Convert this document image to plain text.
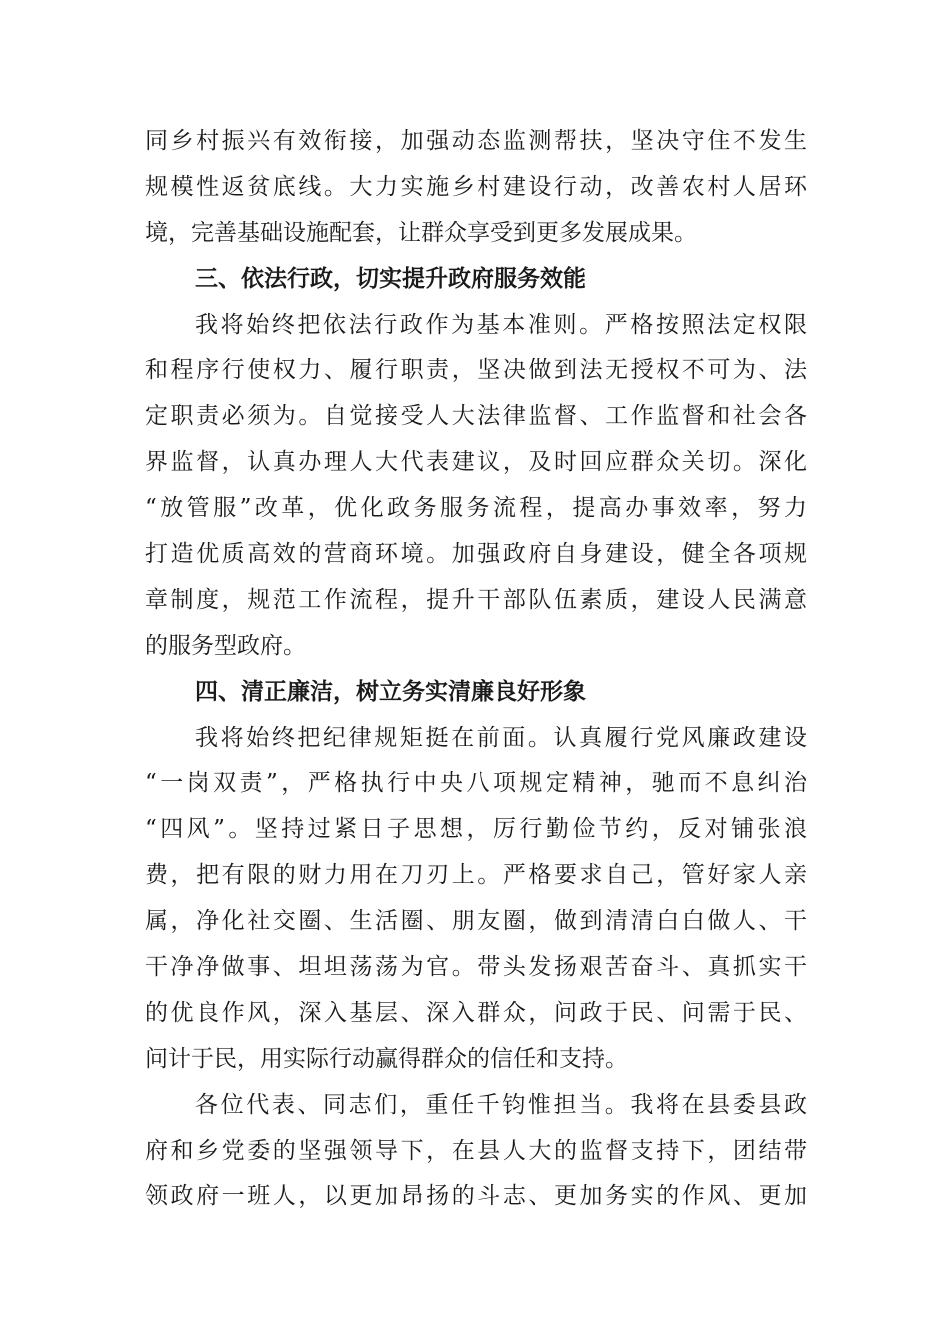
同乡村振兴有效衔接，加强动态监测帮扶，坚决守住不发生
规模性返贫底线。大力实施乡村建设行动，改善农村人居环
境，完善基础设施配套，让群众享受到更多发展成果。
三、依法行政，切实提升政府服务效能
我将始终把依法行政作为基本准则。严格按照法定权限
和程序行使权力、履行职责，坚决做到法无授权不可为、法
定职责必须为。自觉接受人大法律监督、工作监督和社会各
界监督，认真办理人大代表建议，及时回应群众关切。深化
“放管服”改革，优化政务服务流程，提高办事效率，努力
打造优质高效的营商环境。加强政府自身建设，健全各项规
章制度，规范工作流程，提升干部队伍素质，建设人民满意
的服务型政府。
四、清正廉洁，树立务实清廉良好形象
我将始终把纪律规矩挺在前面。认真履行党风廉政建设
“一岗双责”，严格执行中央八项规定精神，驰而不息纠治
“四风”。坚持过紧日子思想，厉行勤俭节约，反对铺张浪
费，把有限的财力用在刀刃上。严格要求自己，管好家人亲
属，净化社交圈、生活圈、朋友圈，做到清清白白做人、干
干净净做事、坦坦荡荡为官。带头发扬艰苦奋斗、真抓实干
的优良作风，深入基层、深入群众，问政于民、问需于民、
问计于民，用实际行动赢得群众的信任和支持。
各位代表、同志们，重任千钧惟担当。我将在县委县政
府和乡党委的坚强领导下，在县人大的监督支持下，团结带
领政府一班人，以更加昂扬的斗志、更加务实的作风、更加
